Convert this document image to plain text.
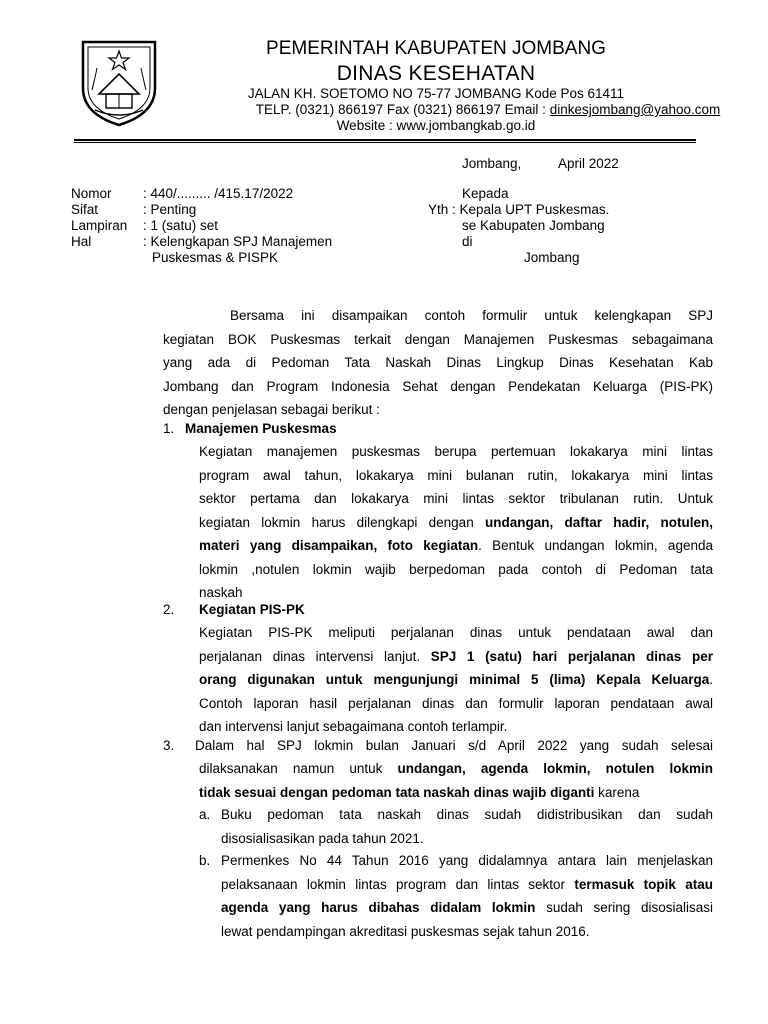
PEMERINTAH KABUPATEN JOMBANG
DINAS KESEHATAN
JALAN KH. SOETOMO NO 75-77 JOMBANG Kode Pos 61411
TELP. (0321) 866197 Fax (0321) 866197 Email : dinkesjombang@yahoo.com
Website : www.jombangkab.go.id
Jombang,	April 2022
Nomor : 440/......... /415.17/2022
Sifat	: Penting
Lampiran : 1 (satu) set
Hal	: Kelengkapan SPJ Manajemen
Puskesmas & PISPK
Kepada
Yth : Kepala UPT Puskesmas.
se Kabupaten Jombang
di
Jombang
Bersama ini disampaikan contoh formulir untuk kelengkapan SPJ
kegiatan BOK Puskesmas terkait dengan Manajemen Puskesmas sebagaimana
yang ada di Pedoman Tata Naskah Dinas Lingkup Dinas Kesehatan Kab
Jombang dan Program Indonesia Sehat dengan Pendekatan Keluarga (PIS-PK)
dengan penjelasan sebagai berikut :
1. Manajemen Puskesmas
Kegiatan manajemen puskesmas berupa pertemuan lokakarya mini lintas
program awal tahun, lokakarya mini bulanan rutin, lokakarya mini lintas
sektor pertama dan lokakarya mini lintas sektor tribulanan rutin. Untuk
kegiatan lokmin harus dilengkapi dengan undangan, daftar hadir, notulen,
materi yang disampaikan, foto kegiatan. Bentuk undangan lokmin, agenda
lokmin ,notulen lokmin wajib berpedoman pada contoh di Pedoman tata
naskah
2. Kegiatan PIS-PK
Kegiatan PIS-PK meliputi perjalanan dinas untuk pendataan awal dan
perjalanan dinas intervensi lanjut. SPJ 1 (satu) hari perjalanan dinas per
orang digunakan untuk mengunjungi minimal 5 (lima) Kepala Keluarga.
Contoh laporan hasil perjalanan dinas dan formulir laporan pendataan awal
dan intervensi lanjut sebagaimana contoh terlampir.
3. Dalam hal SPJ lokmin bulan Januari s/d April 2022 yang sudah selesai
dilaksanakan namun untuk undangan, agenda lokmin, notulen lokmin
tidak sesuai dengan pedoman tata naskah dinas wajib diganti karena
a. Buku pedoman tata naskah dinas sudah didistribusikan dan sudah
disosialisasikan pada tahun 2021.
b. Permenkes No 44 Tahun 2016 yang didalamnya antara lain menjelaskan
pelaksanaan lokmin lintas program dan lintas sektor termasuk topik atau
agenda yang harus dibahas didalam lokmin sudah sering disosialisasi
lewat pendampingan akreditasi puskesmas sejak tahun 2016.
